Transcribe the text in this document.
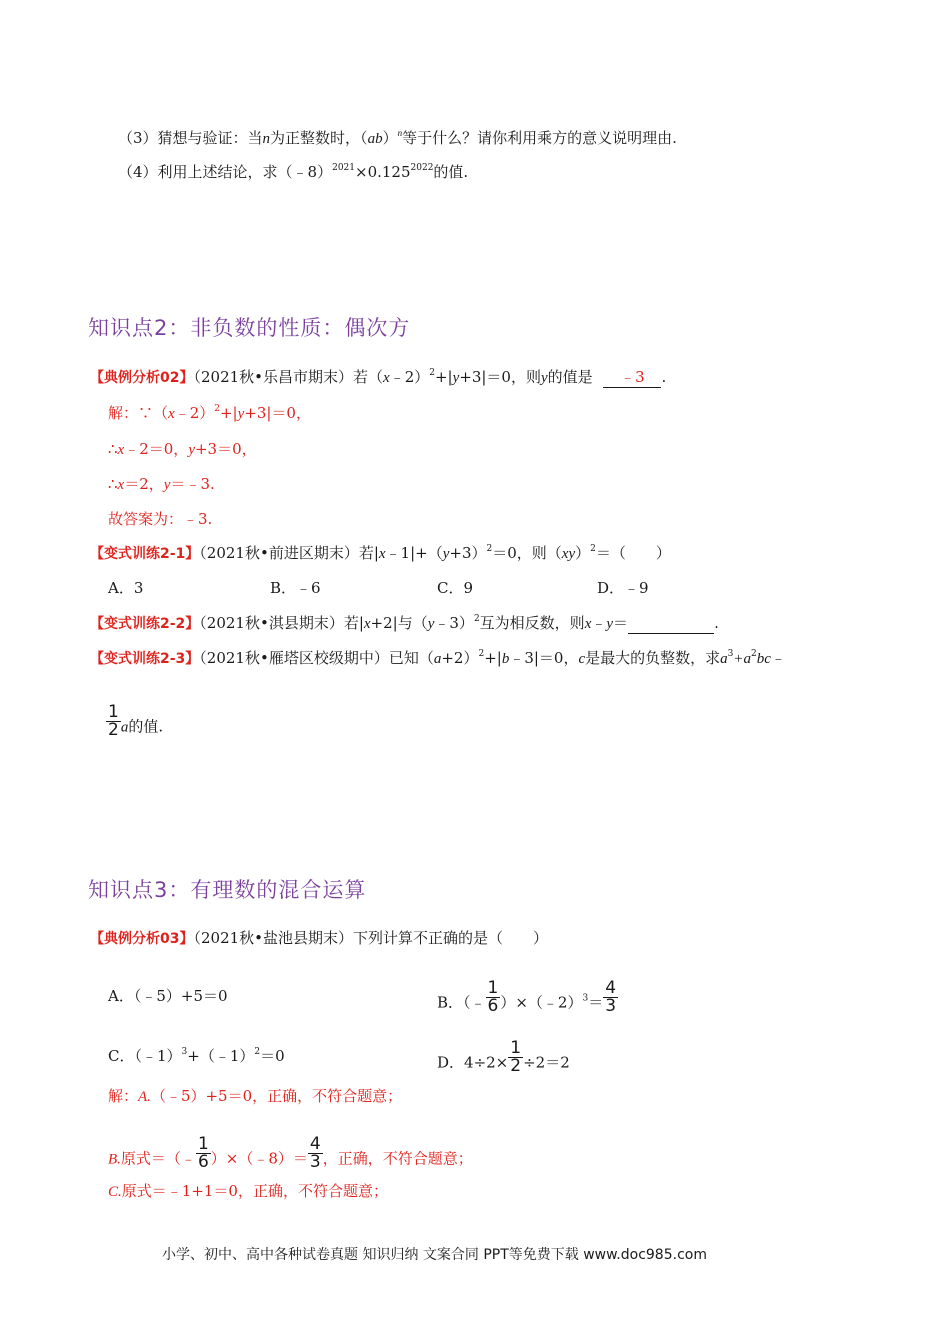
（3）猜想与验证：当n为正整数时，（ab）$^n$等于什么？请你利用乘方的意义说明理由.
（4）利用上述结论，求$(﹣8)^{2021}\times 0.125^{2022}$的值.
知识点2：非负数的性质：偶次方
【典例分析02】（2021秋•乐昌市期末）若（x﹣2）$^2$+|y+3|＝0，则y的值是 ﹣3 .
解：∵（x﹣2）$^2$+|y+3|＝0，
∴x﹣2＝0，y+3＝0，
∴x＝2，y＝﹣3.
故答案为：﹣3.
【变式训练2-1】（2021秋•前进区期末）若$|x﹣1|+(y+3)^2=0$，则（xy）$^2$＝（　　）
A．3	B．﹣6	C．9	D．﹣9
【变式训练2-2】（2021秋•淇县期末）若|x+2|与（y﹣3）$^2$互为相反数，则x﹣y＝	.
【变式训练2-3】（2021秋•雁塔区校级期中）已知$(a+2)^2+|b﹣3|=0$，c是最大的负整数，求$a^3+a^2bc﹣$
$\frac{1}{2}$ a的值.
知识点3：有理数的混合运算
【典例分析03】（2021秋•盐池县期末）下列计算不正确的是（　　）
A．（﹣5）+5＝0	B．（﹣ $\frac{1}{6}$ ）×（﹣2）$^3$＝ $\frac{4}{3}$
C．（﹣1）$^3$+（﹣1）$^2$＝0	D．$4\div 2\times \frac{1}{2} \div 2=2$
解：A.（﹣5）+5＝0，正确，不符合题意；
B.原式＝（﹣ $\frac{1}{6}$ ）×（﹣8）＝ $\frac{4}{3}$ ，正确，不符合题意；
C.原式＝﹣1+1＝0，正确，不符合题意；
小学、初中、高中各种试卷真题 知识归纳 文案合同 PPT等免费下载 www.doc985.com
